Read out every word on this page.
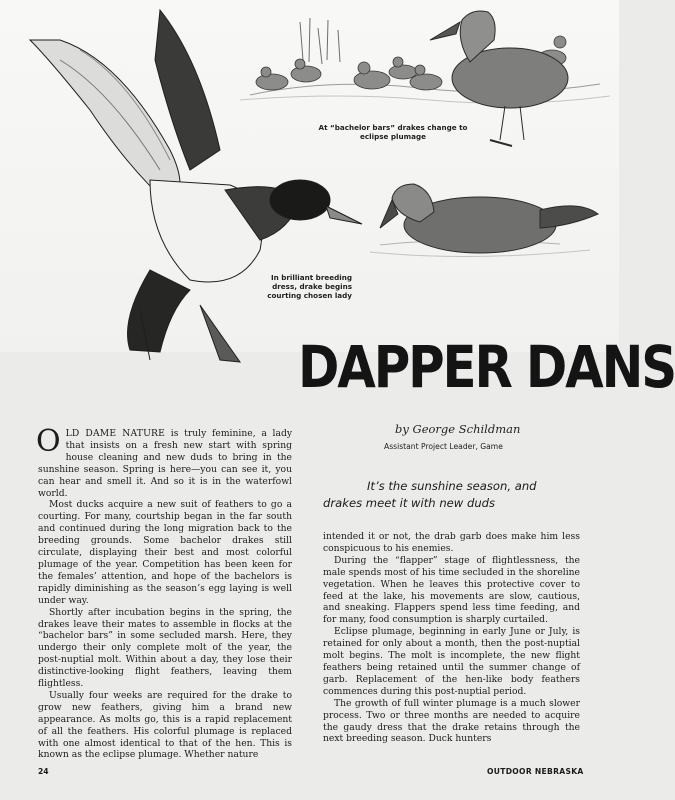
At “bachelor bars” drakes change to eclipse plumage
In brilliant breeding dress, drake begins courting chosen lady
DAPPER DANS
by George Schildman
Assistant Project Leader, Game
It’s the sunshine season, and
drakes meet it with new duds

OLD DAME NATURE is truly feminine, a lady that insists on a fresh new start with spring house cleaning and new duds to bring in the sunshine season. Spring is here—you can see it, you can hear and smell it. And so it is in the waterfowl world.

Most ducks acquire a new suit of feathers to go a courting. For many, courtship began in the far south and continued during the long migration back to the breeding grounds. Some bachelor drakes still circulate, displaying their best and most colorful plumage of the year. Competition has been keen for the females’ attention, and hope of the bachelors is rapidly diminishing as the season’s egg laying is well under way.

Shortly after incubation begins in the spring, the drakes leave their mates to assemble in flocks at the “bachelor bars” in some secluded marsh. Here, they undergo their only complete molt of the year, the post-nuptial molt. Within about a day, they lose their distinctive-looking flight feathers, leaving them flightless.

Usually four weeks are required for the drake to grow new feathers, giving him a brand new appearance. As molts go, this is a rapid replacement of all the feathers. His colorful plumage is replaced with one almost identical to that of the hen. This is known as the eclipse plumage. Whether nature

intended it or not, the drab garb does make him less conspicuous to his enemies.

During the “flapper” stage of flightlessness, the male spends most of his time secluded in the shoreline vegetation. When he leaves this protective cover to feed at the lake, his movements are slow, cautious, and sneaking. Flappers spend less time feeding, and for many, food consumption is sharply curtailed.

Eclipse plumage, beginning in early June or July, is retained for only about a month, then the post-nuptial molt begins. The molt is incomplete, the new flight feathers being retained until the summer change of garb. Replacement of the hen-like body feathers commences during this post-nuptial period.

The growth of full winter plumage is a much slower process. Two or three months are needed to acquire the gaudy dress that the drake retains through the next breeding season. Duck hunters

24	OUTDOOR NEBRASKA
